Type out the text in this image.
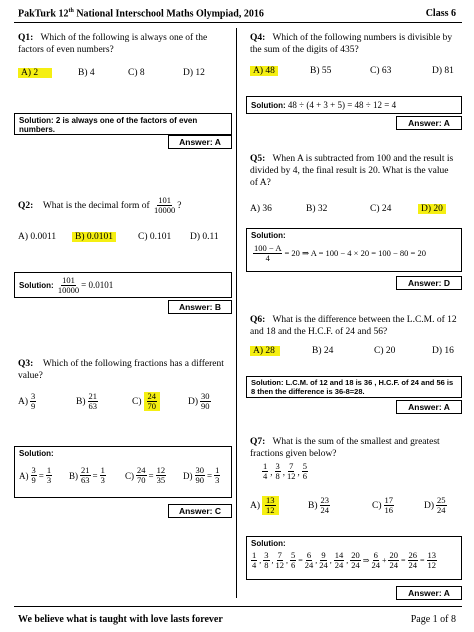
PakTurk 12th National Interschool Maths Olympiad, 2016	Class 6
Q1: Which of the following is always one of the factors of even numbers?
A) 2	B) 4	C) 8	D) 12
Solution: 2 is always one of the factors of even numbers.
Answer: A
Q2:
What is the decimal form of
$\frac{101}{10000}$ ?
A) 0.0011	B) 0.0101	C) 0.101	D) 0.11
Solution:
$\frac{101}{10000} = 0.0101$
Answer: B
Q3: Which of the following fractions has a different value?
$A) \frac{3}{9}$	$B) \frac{21}{63}$	$C) \frac{24}{70}$	$D) \frac{30}{90}$
Solution:
$A) \frac{3}{9} = \frac{1}{3} B) \frac{21}{63} = \frac{1}{3} C) \frac{24}{70} = \frac{12}{35} D) \frac{30}{90} = \frac{1}{3}$
Answer: C
Q4: Which of the following numbers is divisible by the sum of the digits of 435?
A) 48	B) 55	C) 63	D) 81
Solution:
48 ÷ (4 + 3 + 5) = 48 ÷ 12 = 4
Answer: A
Q5: When A is subtracted from 100 and the result is divided by 4, the final result is 20. What is the value of A?
A) 36	B) 32	C) 24	D) 20
Solution:
$\frac{100 - A}{4} = 20$ ⇒ A = 100 − 4 × 20 = 100 − 80 = 20
Answer: D
Q6: What is the difference between the L.C.M. of 12 and 18 and the H.C.F. of 24 and 56?
A) 28	B) 24	C) 20	D) 16
Solution: L.C.M. of 12 and 18 is 36 , H.C.F. of 24 and 56 is 8 then the difference is 36-8=28.
Answer: A
Q7: What is the sum of the smallest and greatest fractions given below?
$\frac{1}{4}$ , $\frac{3}{8}$ , $\frac{7}{12}$ , $\frac{5}{6}$
$A) \frac{13}{12}$	$B) \frac{23}{24}$	$C) \frac{17}{16}$	$D) \frac{25}{24}$
Solution:
$\frac{1}{4}$ , $\frac{3}{8}$ , $\frac{7}{12}$ , $\frac{5}{6} = \frac{6}{24}$ , $\frac{9}{24}$ , $\frac{14}{24}$ , $\frac{20}{24}$ ⇒ $\frac{6}{24} + \frac{20}{24} = \frac{26}{24} = \frac{13}{12}$
Answer: A
We believe what is taught with love lasts forever	Page 1 of 8
